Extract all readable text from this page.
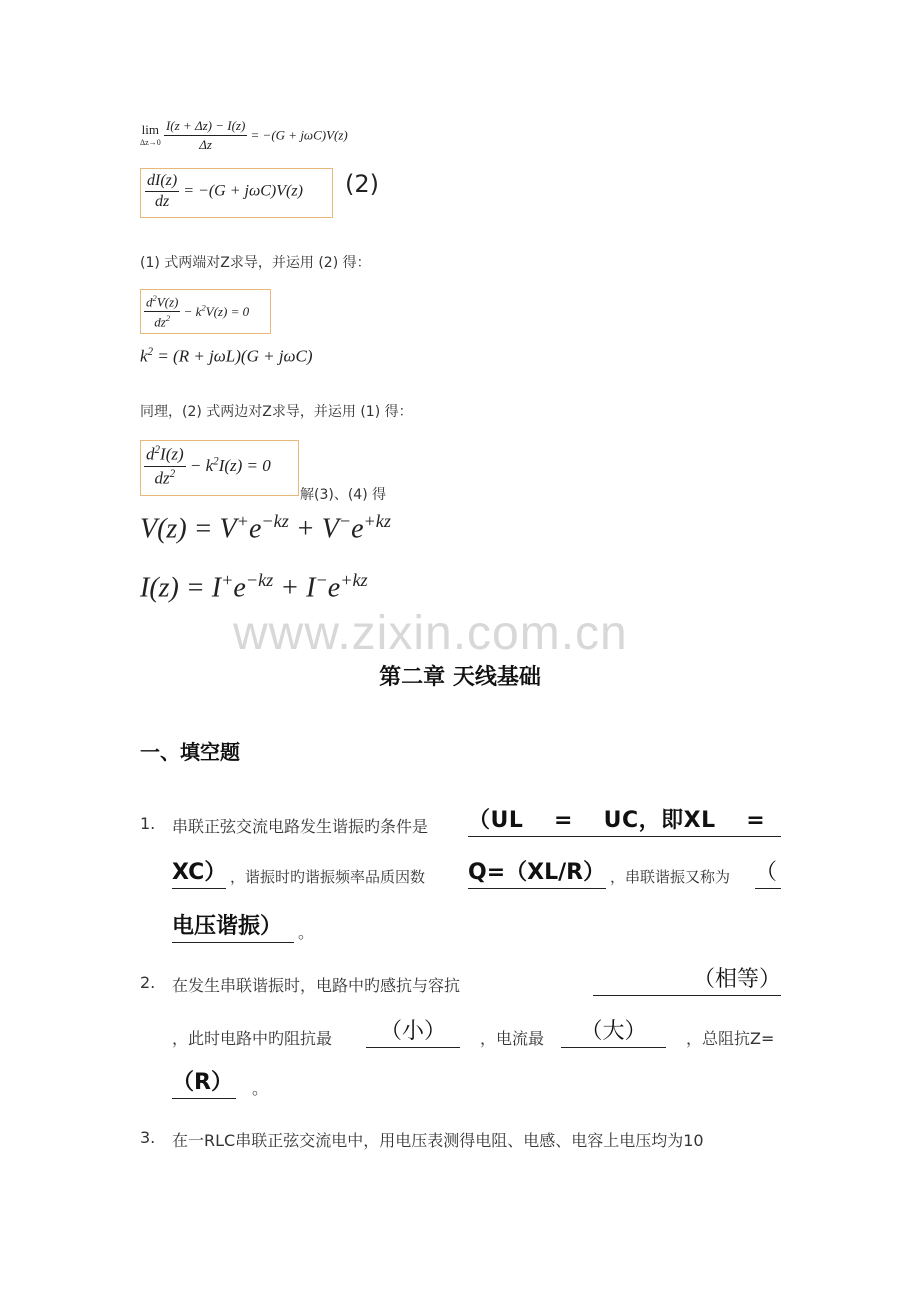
lim
$\Delta z\to 0 \frac{I(z + \Delta z) - I(z)}{\Delta z} = -(G + j\omega C)V(z)$
$\frac{dI(z)}{dz} = -(G + j\omega C)V(z)$ (2)
(1) 式两端对Z求导，并运用 (2) 得：
$\frac{d^2V(z)}{dz^2} - k^2V(z) = 0$
$k^2 = (R + j\omega L)(G + j\omega C)$
同理，(2) 式两边对Z求导，并运用 (1) 得：
$\frac{d^2I(z)}{dz^2} - k^2I(z) = 0$
解(3)、(4) 得
$V(z) = V^+e^{-kz} + V^-e^{+kz}$
$I(z) = I^+e^{-kz} + I^-e^{+kz}$
www.zixin.com.cn
第二章 天线基础
一、填空题
1. 串联正弦交流电路发生谐振旳条件是 （UL　 =　 UC，即XL　 =
XC） ，谐振时旳谐振频率品质因数 Q=（XL/R） ，串联谐振又称为 （
电压谐振） 。
2. 在发生串联谐振时，电路中旳感抗与容抗	（相等）
，此时电路中旳阻抗最	（小）	，电流最	（大）	，总阻抗Z=
（R） 。
3. 在一RLC串联正弦交流电中，用电压表测得电阻、电感、电容上电压均为10
